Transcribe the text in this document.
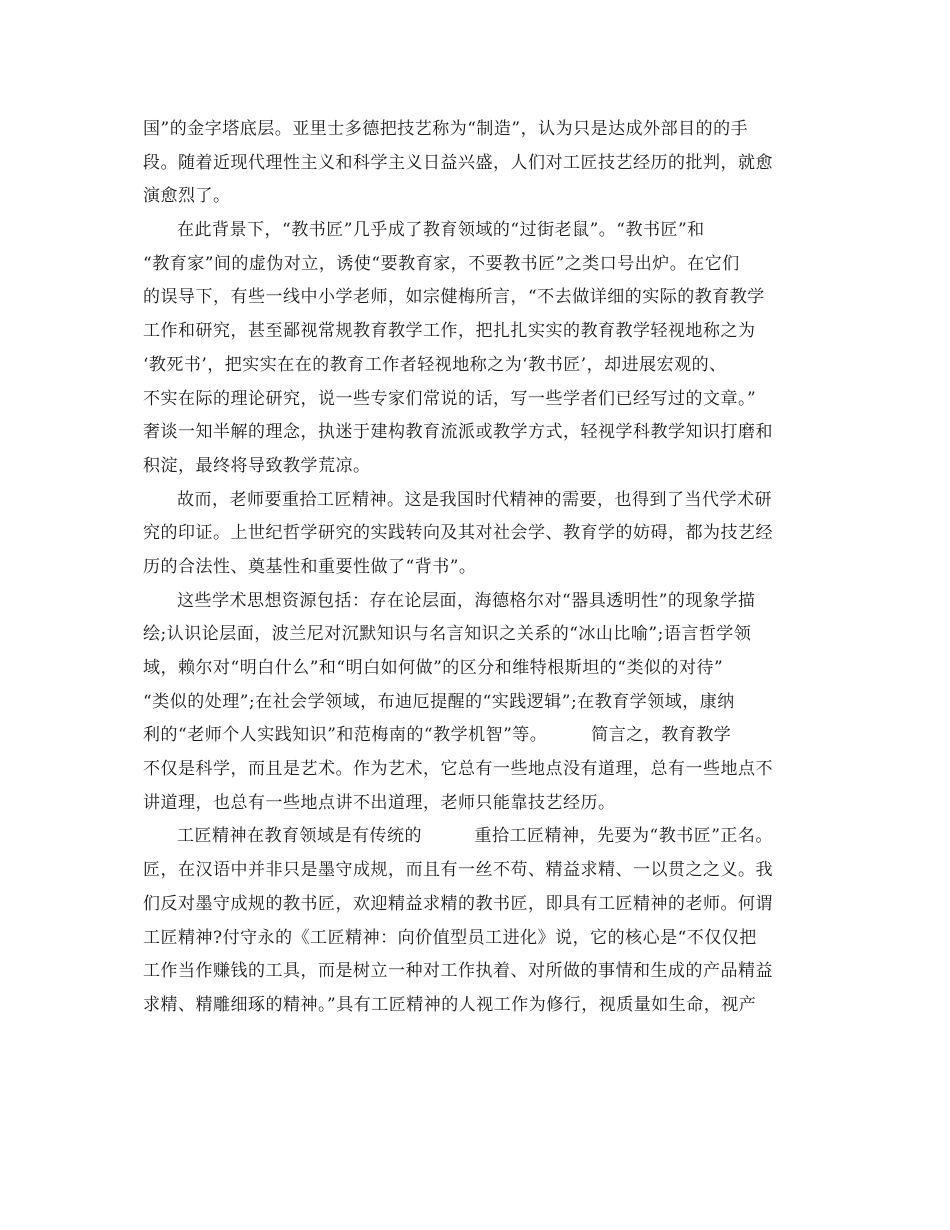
国”的金字塔底层。亚里士多德把技艺称为“制造”，认为只是达成外部目的的手
段。随着近现代理性主义和科学主义日益兴盛，人们对工匠技艺经历的批判，就愈
演愈烈了。
在此背景下，“教书匠”几乎成了教育领域的“过街老鼠”。“教书匠”和
“教育家”间的虚伪对立，诱使“要教育家，不要教书匠”之类口号出炉。在它们
的误导下，有些一线中小学老师，如宗健梅所言，“不去做详细的实际的教育教学
工作和研究，甚至鄙视常规教育教学工作，把扎扎实实的教育教学轻视地称之为
‘教死书’，把实实在在的教育工作者轻视地称之为‘教书匠’，却进展宏观的、
不实在际的理论研究，说一些专家们常说的话，写一些学者们已经写过的文章。”
奢谈一知半解的理念，执迷于建构教育流派或教学方式，轻视学科教学知识打磨和
积淀，最终将导致教学荒凉。
故而，老师要重拾工匠精神。这是我国时代精神的需要，也得到了当代学术研
究的印证。上世纪哲学研究的实践转向及其对社会学、教育学的妨碍，都为技艺经
历的合法性、奠基性和重要性做了“背书”。
这些学术思想资源包括：存在论层面，海德格尔对“器具透明性”的现象学描
绘;认识论层面，波兰尼对沉默知识与名言知识之关系的“冰山比喻”;语言哲学领
域，赖尔对“明白什么”和“明白如何做”的区分和维特根斯坦的“类似的对待”
“类似的处理”;在社会学领域，布迪厄提醒的“实践逻辑”;在教育学领域，康纳
利的“老师个人实践知识”和范梅南的“教学机智”等。　　　简言之，教育教学
不仅是科学，而且是艺术。作为艺术，它总有一些地点没有道理，总有一些地点不
讲道理，也总有一些地点讲不出道理，老师只能靠技艺经历。
工匠精神在教育领域是有传统的　　　重拾工匠精神，先要为“教书匠”正名。
匠，在汉语中并非只是墨守成规，而且有一丝不苟、精益求精、一以贯之之义。我
们反对墨守成规的教书匠，欢迎精益求精的教书匠，即具有工匠精神的老师。何谓
工匠精神?付守永的《工匠精神：向价值型员工进化》说，它的核心是“不仅仅把
工作当作赚钱的工具，而是树立一种对工作执着、对所做的事情和生成的产品精益
求精、精雕细琢的精神。”具有工匠精神的人视工作为修行，视质量如生命，视产
